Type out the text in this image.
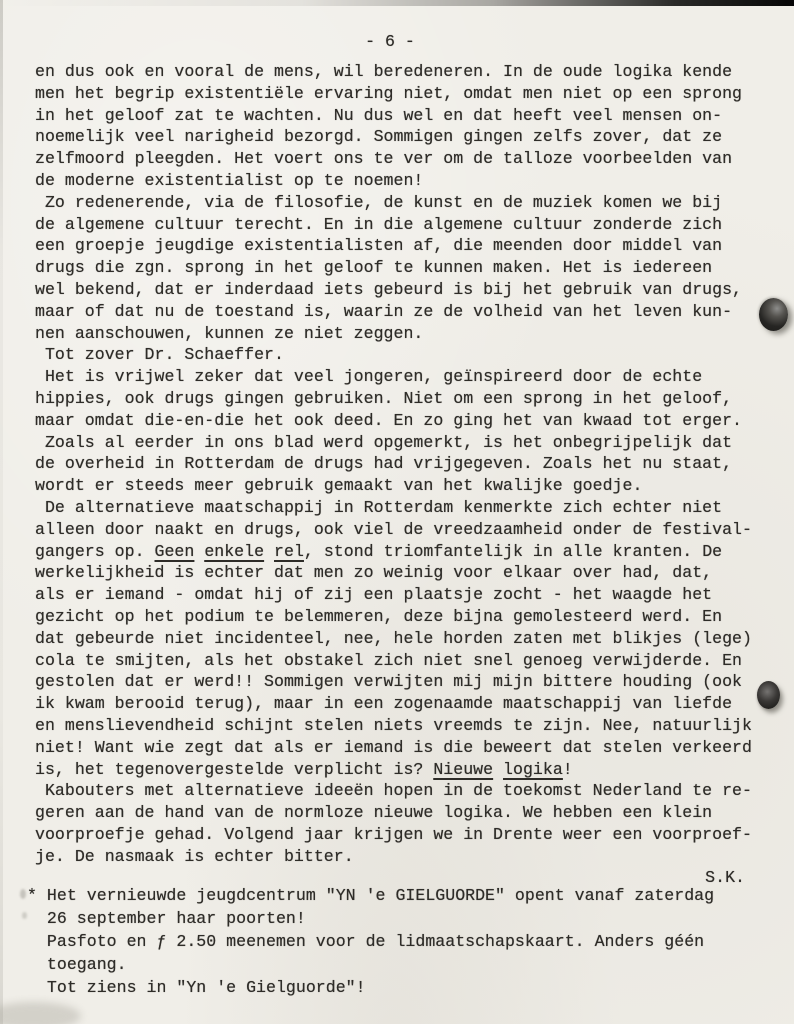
- 6 -
en dus ook en vooral de mens, wil beredeneren. In de oude logika kende
men het begrip existentiële ervaring niet, omdat men niet op een sprong
in het geloof zat te wachten. Nu dus wel en dat heeft veel mensen on-
noemelijk veel narigheid bezorgd. Sommigen gingen zelfs zover, dat ze
zelfmoord pleegden. Het voert ons te ver om de talloze voorbeelden van
de moderne existentialist op te noemen!
Zo redenerende, via de filosofie, de kunst en de muziek komen we bij
de algemene cultuur terecht. En in die algemene cultuur zonderde zich
een groepje jeugdige existentialisten af, die meenden door middel van
drugs die zgn. sprong in het geloof te kunnen maken. Het is iedereen
wel bekend, dat er inderdaad iets gebeurd is bij het gebruik van drugs,
maar of dat nu de toestand is, waarin ze de volheid van het leven kun-
nen aanschouwen, kunnen ze niet zeggen.
Tot zover Dr. Schaeffer.
Het is vrijwel zeker dat veel jongeren, geïnspireerd door de echte
hippies, ook drugs gingen gebruiken. Niet om een sprong in het geloof,
maar omdat die-en-die het ook deed. En zo ging het van kwaad tot erger.
Zoals al eerder in ons blad werd opgemerkt, is het onbegrijpelijk dat
de overheid in Rotterdam de drugs had vrijgegeven. Zoals het nu staat,
wordt er steeds meer gebruik gemaakt van het kwalijke goedje.
De alternatieve maatschappij in Rotterdam kenmerkte zich echter niet
alleen door naakt en drugs, ook viel de vreedzaamheid onder de festival-
gangers op. Geen enkele rel, stond triomfantelijk in alle kranten. De
werkelijkheid is echter dat men zo weinig voor elkaar over had, dat,
als er iemand - omdat hij of zij een plaatsje zocht - het waagde het
gezicht op het podium te belemmeren, deze bijna gemolesteerd werd. En
dat gebeurde niet incidenteel, nee, hele horden zaten met blikjes (lege)
cola te smijten, als het obstakel zich niet snel genoeg verwijderde. En
gestolen dat er werd!! Sommigen verwijten mij mijn bittere houding (ook
ik kwam berooid terug), maar in een zogenaamde maatschappij van liefde
en menslievendheid schijnt stelen niets vreemds te zijn. Nee, natuurlijk
niet! Want wie zegt dat als er iemand is die beweert dat stelen verkeerd
is, het tegenovergestelde verplicht is? Nieuwe logika!
Kabouters met alternatieve ideeën hopen in de toekomst Nederland te re-
geren aan de hand van de normloze nieuwe logika. We hebben een klein
voorproefje gehad. Volgend jaar krijgen we in Drente weer een voorproef-
je. De nasmaak is echter bitter.
S.K.
* Het vernieuwde jeugdcentrum "YN 'e GIELGUORDE" opent vanaf zaterdag
26 september haar poorten!
Pasfoto en ƒ 2.50 meenemen voor de lidmaatschapskaart. Anders géén
toegang.
Tot ziens in "Yn 'e Gielguorde"!
